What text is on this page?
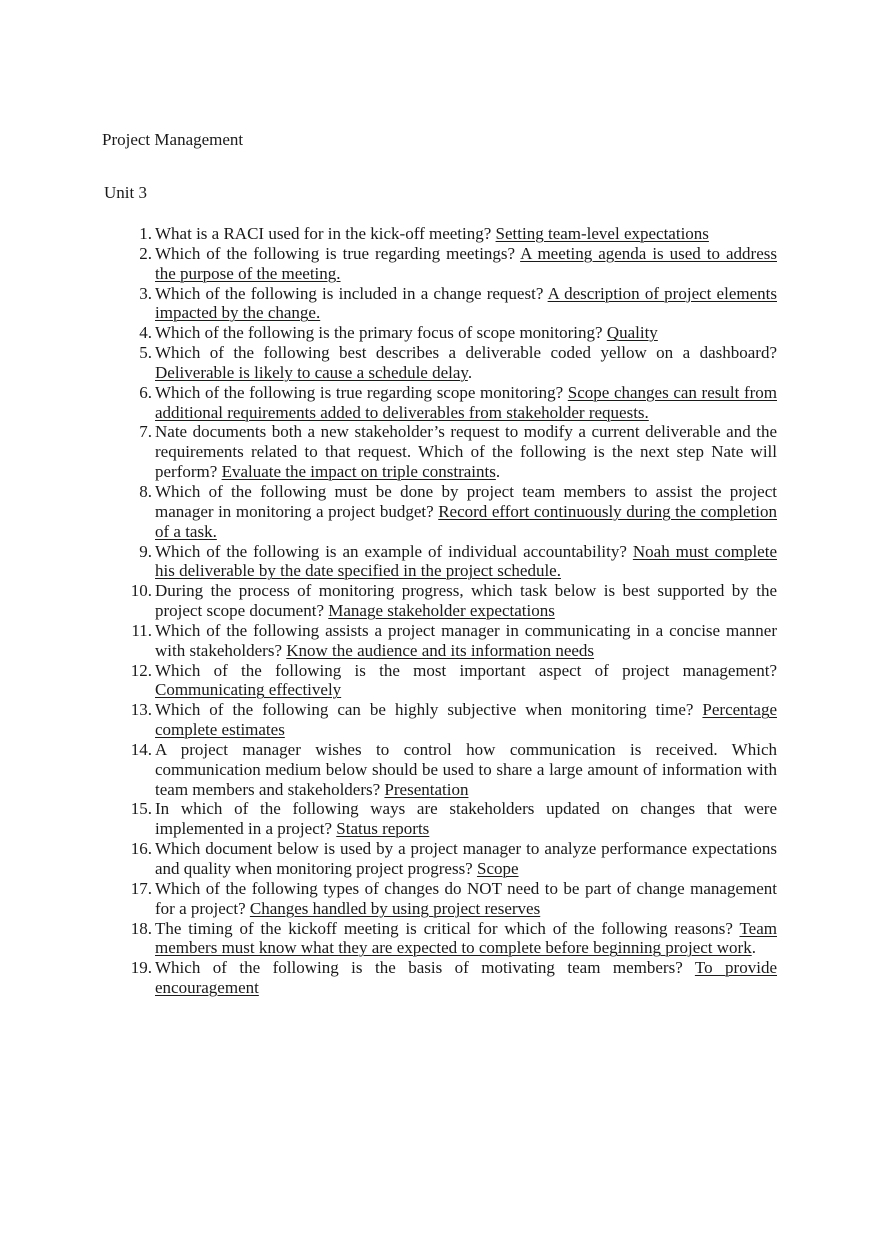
Project Management
Unit 3
1. What is a RACI used for in the kick-off meeting? Setting team-level expectations
2. Which of the following is true regarding meetings? A meeting agenda is used to address the purpose of the meeting.
3. Which of the following is included in a change request? A description of project elements impacted by the change.
4. Which of the following is the primary focus of scope monitoring? Quality
5. Which of the following best describes a deliverable coded yellow on a dashboard? Deliverable is likely to cause a schedule delay.
6. Which of the following is true regarding scope monitoring? Scope changes can result from additional requirements added to deliverables from stakeholder requests.
7. Nate documents both a new stakeholder’s request to modify a current deliverable and the requirements related to that request. Which of the following is the next step Nate will perform? Evaluate the impact on triple constraints.
8. Which of the following must be done by project team members to assist the project manager in monitoring a project budget? Record effort continuously during the completion of a task.
9. Which of the following is an example of individual accountability? Noah must complete his deliverable by the date specified in the project schedule.
10. During the process of monitoring progress, which task below is best supported by the project scope document? Manage stakeholder expectations
11. Which of the following assists a project manager in communicating in a concise manner with stakeholders? Know the audience and its information needs
12. Which of the following is the most important aspect of project management? Communicating effectively
13. Which of the following can be highly subjective when monitoring time? Percentage complete estimates
14. A project manager wishes to control how communication is received. Which communication medium below should be used to share a large amount of information with team members and stakeholders? Presentation
15. In which of the following ways are stakeholders updated on changes that were implemented in a project? Status reports
16. Which document below is used by a project manager to analyze performance expectations and quality when monitoring project progress? Scope
17. Which of the following types of changes do NOT need to be part of change management for a project? Changes handled by using project reserves
18. The timing of the kickoff meeting is critical for which of the following reasons? Team members must know what they are expected to complete before beginning project work.
19. Which of the following is the basis of motivating team members? To provide encouragement
